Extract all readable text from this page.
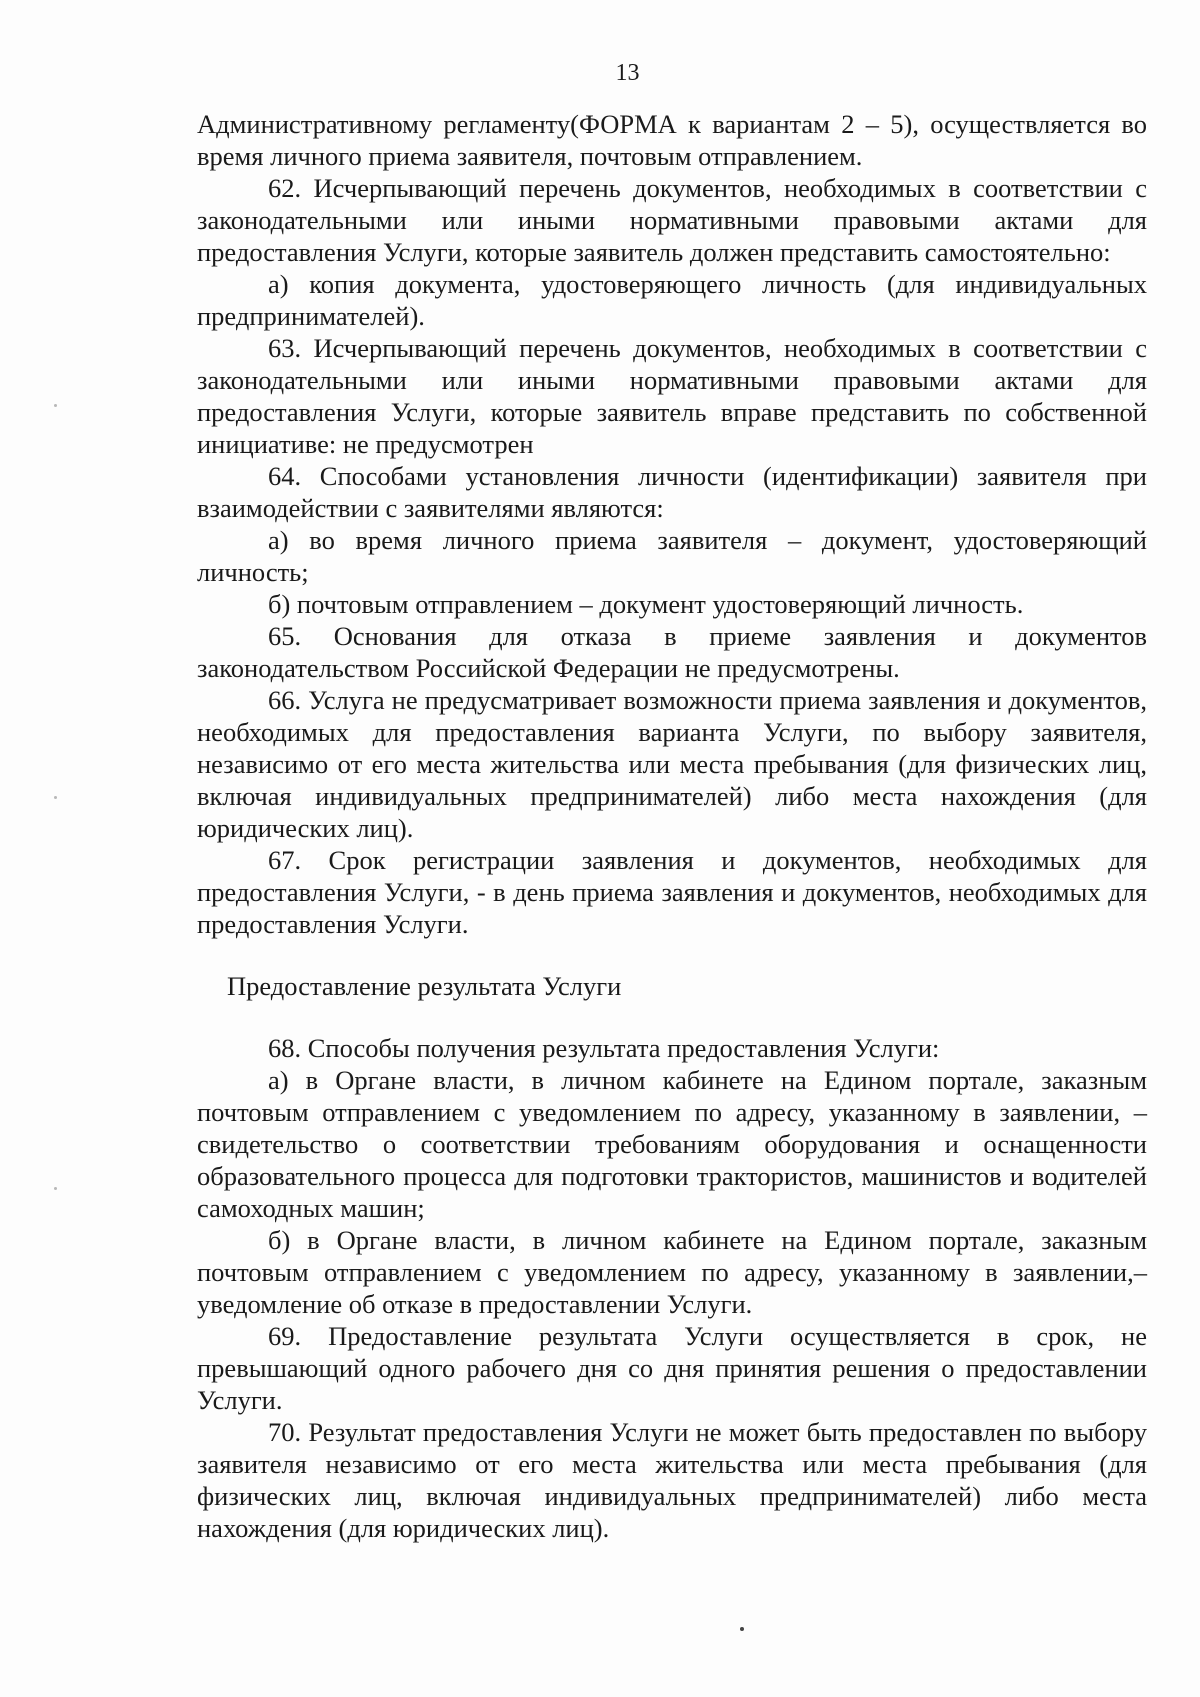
13

Административному регламенту(ФОРМА к вариантам 2 – 5), осуществляется во время личного приема заявителя, почтовым отправлением.

62. Исчерпывающий перечень документов, необходимых в соответствии с законодательными или иными нормативными правовыми актами для предоставления Услуги, которые заявитель должен представить самостоятельно:

а) копия документа, удостоверяющего личность (для индивидуальных предпринимателей).

63. Исчерпывающий перечень документов, необходимых в соответствии с законодательными или иными нормативными правовыми актами для предоставления Услуги, которые заявитель вправе представить по собственной инициативе: не предусмотрен

64. Способами установления личности (идентификации) заявителя при взаимодействии с заявителями являются:

а) во время личного приема заявителя – документ, удостоверяющий личность;

б) почтовым отправлением – документ удостоверяющий личность.

65. Основания для отказа в приеме заявления и документов законодательством Российской Федерации не предусмотрены.

66. Услуга не предусматривает возможности приема заявления и документов, необходимых для предоставления варианта Услуги, по выбору заявителя, независимо от его места жительства или места пребывания (для физических лиц, включая индивидуальных предпринимателей) либо места нахождения (для юридических лиц).

67. Срок регистрации заявления и документов, необходимых для предоставления Услуги, - в день приема заявления и документов, необходимых для предоставления Услуги.

Предоставление результата Услуги

68. Способы получения результата предоставления Услуги:

а) в Органе власти, в личном кабинете на Едином портале, заказным почтовым отправлением с уведомлением по адресу, указанному в заявлении, – свидетельство о соответствии требованиям оборудования и оснащенности образовательного процесса для подготовки трактористов, машинистов и водителей самоходных машин;

б) в Органе власти, в личном кабинете на Едином портале, заказным почтовым отправлением с уведомлением по адресу, указанному в заявлении,– уведомление об отказе в предоставлении Услуги.

69. Предоставление результата Услуги осуществляется в срок, не превышающий одного рабочего дня со дня принятия решения о предоставлении Услуги.

70. Результат предоставления Услуги не может быть предоставлен по выбору заявителя независимо от его места жительства или места пребывания (для физических лиц, включая индивидуальных предпринимателей) либо места нахождения (для юридических лиц).
